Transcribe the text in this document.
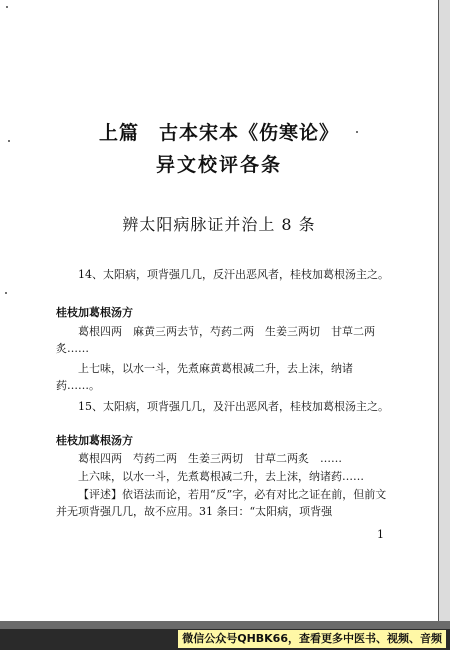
上篇　古本宋本《伤寒论》
异文校评各条
辨太阳病脉证并治上 8 条
14、太阳病，项背强几几，反汗出恶风者，桂枝加葛根汤主之。
桂枝加葛根汤方
葛根四两　麻黄三两去节，芍药二两　生姜三两切　甘草二两炙……
上七味，以水一斗，先煮麻黄葛根减二升，去上沫，纳诸药……。
15、太阳病，项背强几几，及汗出恶风者，桂枝加葛根汤主之。
桂枝加葛根汤方
葛根四两　芍药二两　生姜三两切　甘草二两炙　……
上六味，以水一斗，先煮葛根减二升，去上沫，纳诸药……
【评述】依语法而论，若用“反”字，必有对比之证在前，但前文并无项背强几几，故不应用。31 条曰：“太阳病，项背强
1
微信公众号QHBK66，查看更多中医书、视频、音频
